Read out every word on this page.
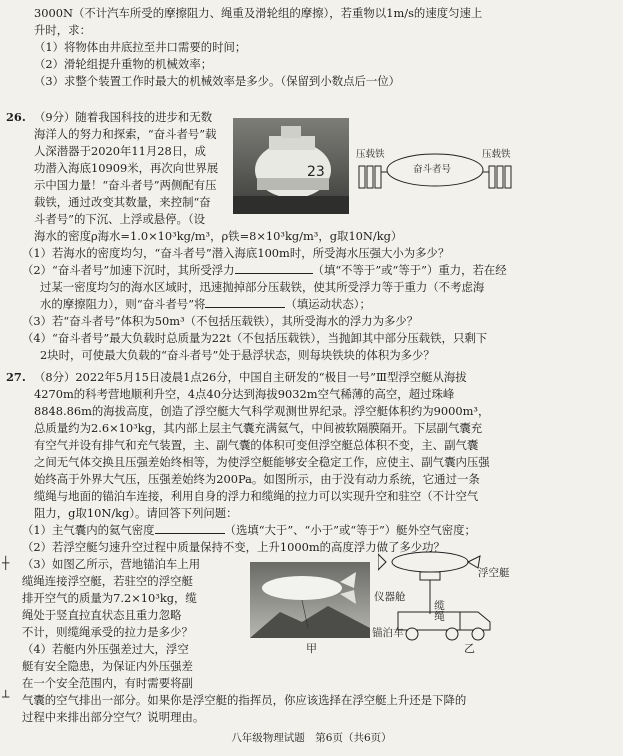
3000N（不计汽车所受的摩擦阻力、绳重及滑轮组的摩擦），若重物以1m/s的速度匀速上
升时，求：
（1）将物体由井底拉至井口需要的时间；
（2）滑轮组提升重物的机械效率；
（3）求整个装置工作时最大的机械效率是多少。（保留到小数点后一位）
26. （9分）随着我国科技的进步和无数
海洋人的努力和探索，“奋斗者号”载
人深潜器于2020年11月28日，成
功潜入海底10909米，再次向世界展
示中国力量！“奋斗者号”两侧配有压
载铁，通过改变其数量，来控制“奋
斗者号”的下沉、上浮或悬停。（设
海水的密度ρ海水=1.0×10³kg/m³，ρ铁=8×10³kg/m³，g取10N/kg）
23
压载铁	压载铁
奋斗者号
（1）若海水的密度均匀，“奋斗者号”潜入海底100m时，所受海水压强大小为多少？
（2）“奋斗者号”加速下沉时，其所受浮力	（填“不等于”或“等于”）重力，若在经
过某一密度均匀的海水区域时，迅速抛掉部分压载铁，使其所受浮力等于重力（不考虑海
水的摩擦阻力），则“奋斗者号”将	（填运动状态）；
（3）若“奋斗者号”体积为50m³（不包括压载铁），其所受海水的浮力为多少？
（4）“奋斗者号”最大负载时总质量为22t（不包括压载铁），当抛卸其中部分压载铁，只剩下
2块时，可使最大负载的“奋斗者号”处于悬浮状态，则每块铁块的体积为多少？
27. （8分）2022年5月15日凌晨1点26分，中国自主研发的“极目一号”Ⅲ型浮空艇从海拔
4270m的科考营地顺利升空，4点40分达到海拔9032m空气稀薄的高空，超过珠峰
8848.86m的海拔高度，创造了浮空艇大气科学观测世界纪录。浮空艇体积约为9000m³，
总质量约为2.6×10³kg，其内部上层主气囊充满氦气，中间被软隔膜隔开。下层副气囊充
有空气并设有排气和充气装置，主、副气囊的体积可变但浮空艇总体积不变，主、副气囊
之间无气体交换且压强差始终相等，为使浮空艇能够安全稳定工作，应使主、副气囊内压强
始终高于外界大气压，压强差始终为200Pa。如图所示，由于没有动力系统，它通过一条
缆绳与地面的锚泊车连接，利用自身的浮力和缆绳的拉力可以实现升空和驻空（不计空气
阻力，g取10N/kg）。请回答下列问题：
（1）主气囊内的氦气密度	（选填“大于”、“小于”或“等于”）艇外空气密度；
（2）若浮空艇匀速升空过程中质量保持不变，上升1000m的高度浮力做了多少功？
（3）如图乙所示，营地锚泊车上用
缆绳连接浮空艇，若驻空的浮空艇
排开空气的质量为7.2×10³kg，缆
绳处于竖直拉直状态且重力忽略
不计，则缆绳承受的拉力是多少？
（4）若艇内外压强差过大，浮空
艇有安全隐患，为保证内外压强差
在一个安全范围内，有时需要将副
气囊的空气排出一部分。如果你是浮空艇的指挥员，你应该选择在浮空艇上升还是下降的
过程中来排出部分空气？说明理由。
甲
浮空艇
仪器舱
缆绳
锚泊车
乙
┼
┴
八年级物理试题　第6页（共6页）
